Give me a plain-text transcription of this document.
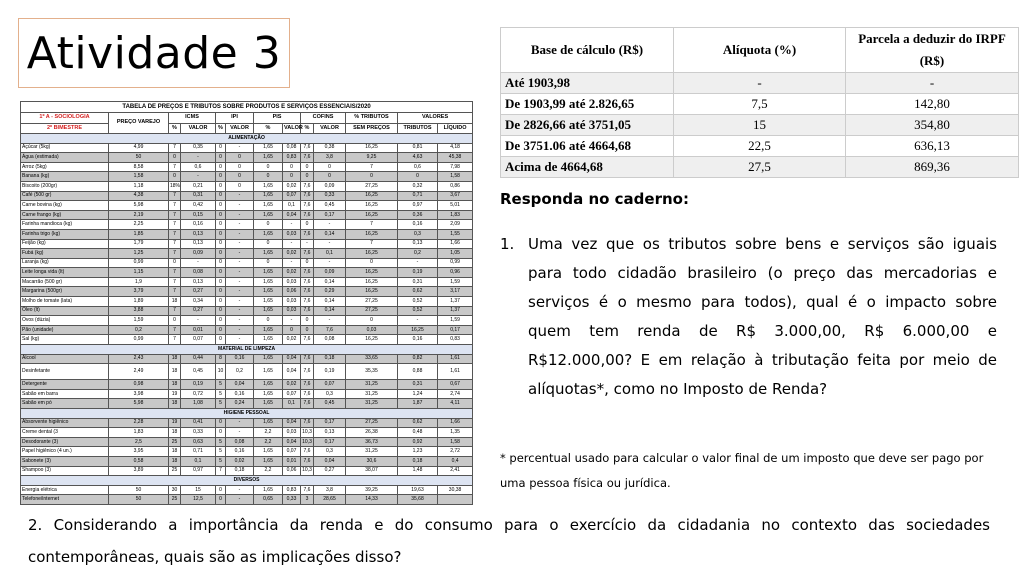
Atividade 3
TABELA DE PREÇOS E TRIBUTOS SOBRE PRODUTOS E SERVIÇOS ESSENCIAIS/2020												
1º A - SOCIOLOGIA	PREÇO VAREJO	ICMS		IPI		PIS		COFINS		% TRIBUTOS	VALORES	
2º BIMESTRE		%	VALOR	%	VALOR	%	VALOR	%	VALOR	SEM PREÇOS	TRIBUTOS	LÍQUIDO
ALIMENTAÇÃO												
Açúcar (5kg)	4,99	7	0,35	0	-	1,65	0,08	7,6	0,38	16,25	0,81	4,18
Água (estimada)	50	0	-	0	0	1,65	0,83	7,6	3,8	9,25	4,63	45,38
Arroz (5kg)	8,58	7	0,6	0	0	0	0	0	0	7	0,6	7,98
Banana (kg)	1,58	0	-	0	0	0	0	0	0	0	0	1,58
Biscoito (200gr)	1,18	18%	0,21	0	0	1,65	0,02	7,6	0,09	27,25	0,32	0,86
Café (500 gr)	4,38	7	0,31	0	-	1,65	0,07	7,6	0,33	16,25	0,71	3,67
Carne bovina (kg)	5,98	7	0,42	0	-	1,65	0,1	7,6	0,45	16,25	0,97	5,01
Carne frango (kg)	2,19	7	0,15	0	-	1,65	0,04	7,6	0,17	16,25	0,36	1,83
Farinha mandioca (kg)	2,25	7	0,16	0	-	0	-	0	-	7	0,16	2,09
Farinha trigo (kg)	1,85	7	0,13	0	-	1,65	0,03	7,6	0,14	16,25	0,3	1,55
Feijão (kg)	1,79	7	0,13	0	-	0	-	-	-	7	0,13	1,66
Fubá (kg)	1,25	7	0,09	0	-	1,65	0,02	7,6	0,1	16,25	0,2	1,05
Laranja (kg)	0,99	0	-	0	-	0	-	0	-	0	-	0,99
Leite longa vida (lt)	1,15	7	0,08	0	-	1,65	0,02	7,6	0,09	16,25	0,19	0,96
Macarrão (500 gr)	1,9	7	0,13	0	-	1,65	0,03	7,6	0,14	16,25	0,31	1,59
Margarina (500gr)	3,79	7	0,27	0	-	1,65	0,06	7,6	0,29	16,25	0,62	3,17
Molho de tomate (lata)	1,89	18	0,34	0	-	1,65	0,03	7,6	0,14	27,25	0,52	1,37
Óleo (lt)	3,88	7	0,27	0	-	1,65	0,03	7,6	0,14	27,25	0,52	1,37
Ovos (dúzia)	1,59	0	-	0	-	0	-	0	-	0	-	1,59
Pão (unidade)	0,2	7	0,01	0	-	1,65	0	0	7,6	0,03	16,25	0,17
Sal (kg)	0,99	7	0,07	0	-	1,65	0,02	7,6	0,08	16,25	0,16	0,83
MATERIAL DE LIMPEZA												
Álcool	2,43	18	0,44	8	0,16	1,65	0,04	7,6	0,18	33,65	0,82	1,61
Desinfetante	2,49	18	0,45	10	0,2	1,65	0,04	7,6	0,19	35,35	0,88	1,61
Detergente	0,98	18	0,19	5	0,04	1,65	0,02	7,6	0,07	31,25	0,31	0,67
Sabão em barra	3,98	19	0,72	5	0,16	1,65	0,07	7,6	0,3	31,25	1,24	2,74
Sabão em pó	5,98	18	1,08	5	0,24	1,65	0,1	7,6	0,45	31,25	1,87	4,11
HIGIENE PESSOAL												
Absorvente higiênico	2,28	19	0,41	0	-	1,65	0,04	7,6	0,17	27,25	0,62	1,66
Creme dental (3	1,83	18	0,33	0	-	2,2	0,03	10,3	0,13	26,38	0,48	1,35
Desodorante (3)	2,5	25	0,63	5	0,08	2,2	0,04	10,3	0,17	36,73	0,92	1,58
Papel higiênico (4 un.)	3,95	18	0,71	5	0,16	1,65	0,07	7,6	0,3	31,25	1,23	2,72
Sabonete (3)	0,58	18	0,1	5	0,02	1,65	0,01	7,6	0,04	30,6	0,18	0,4
Shampoo (3)	3,89	25	0,97	7	0,18	2,2	0,06	10,3	0,27	38,07	1,48	2,41
DIVERSOS												
Energia elétrica	50	30	15	0	-	1,65	0,83	7,6	3,8	39,25	19,63	30,38
Telefone/internet	50	25	12,5	0	-	0,65	0,33	3	28,65	14,33	35,68	
Base de cálculo (R$)	Alíquota (%)	Parcela a deduzir do IRPF (R$)
Até 1903,98	-	-
De 1903,99 até 2.826,65	7,5	142,80
De 2826,66 até 3751,05	15	354,80
De 3751.06 até 4664,68	22,5	636,13
Acima de 4664,68	27,5	869,36
Responda no caderno:
1. Uma vez que os tributos sobre bens e serviços são iguais para todo cidadão brasileiro (o preço das mercadorias e serviços é o mesmo para todos), qual é o impacto sobre quem tem renda de R$ 3.000,00, R$ 6.000,00 e R$12.000,00? E em relação à tributação feita por meio de alíquotas*, como no Imposto de Renda?
* percentual usado para calcular o valor final de um imposto que deve ser pago por uma pessoa física ou jurídica.
2. Considerando a importância da renda e do consumo para o exercício da cidadania no contexto das sociedades contemporâneas, quais são as implicações disso?
